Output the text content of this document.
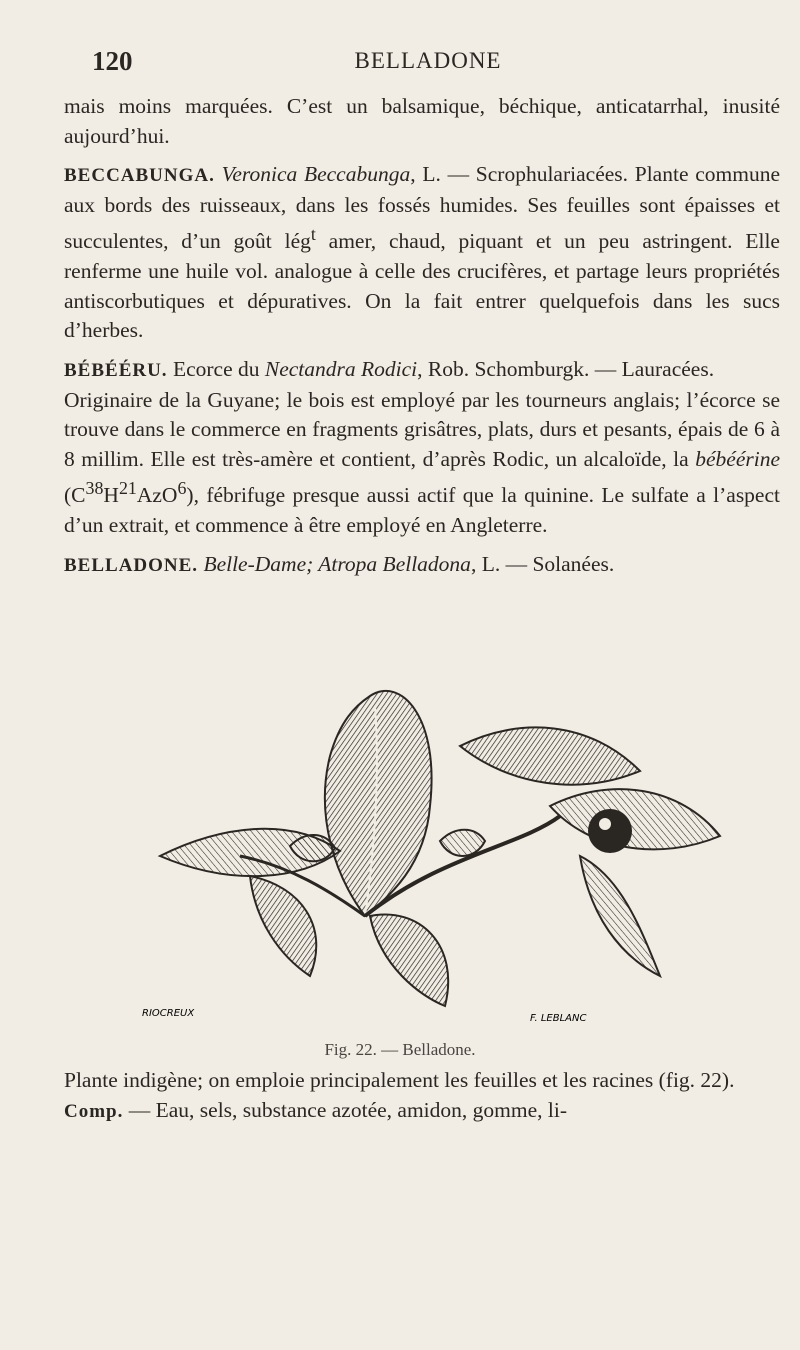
120	BELLADONE

mais moins marquées. C’est un balsamique, béchique, anticatarrhal, inusité aujourd’hui.

BECCABUNGA. Veronica Beccabunga, L. — Scrophulariacées. Plante commune aux bords des ruisseaux, dans les fossés humides. Ses feuilles sont épaisses et succulentes, d’un goût lég$^t$ amer, chaud, piquant et un peu astringent. Elle renferme une huile vol. analogue à celle des crucifères, et partage leurs propriétés antiscorbutiques et dépuratives. On la fait entrer quelquefois dans les sucs d’herbes.

BÉBÉÉRU. Ecorce du Nectandra Rodici, Rob. Schomburgk. — Lauracées.

Originaire de la Guyane; le bois est employé par les tourneurs anglais; l’écorce se trouve dans le commerce en fragments grisâtres, plats, durs et pesants, épais de 6 à 8 millim. Elle est très-amère et contient, d’après Rodic, un alcaloïde, la bébéérine $(C^{38}H^{21}AzO^6)$, fébrifuge presque aussi actif que la quinine. Le sulfate a l’aspect d’un extrait, et commence à être employé en Angleterre.

BELLADONE. Belle-Dame; Atropa Belladona, L. — Solanées.

RIOCREUX	F. LEBLANC
Fig. 22. — Belladone.

Plante indigène; on emploie principalement les feuilles et les racines (fig. 22).

Comp. — Eau, sels, substance azotée, amidon, gomme, li-
